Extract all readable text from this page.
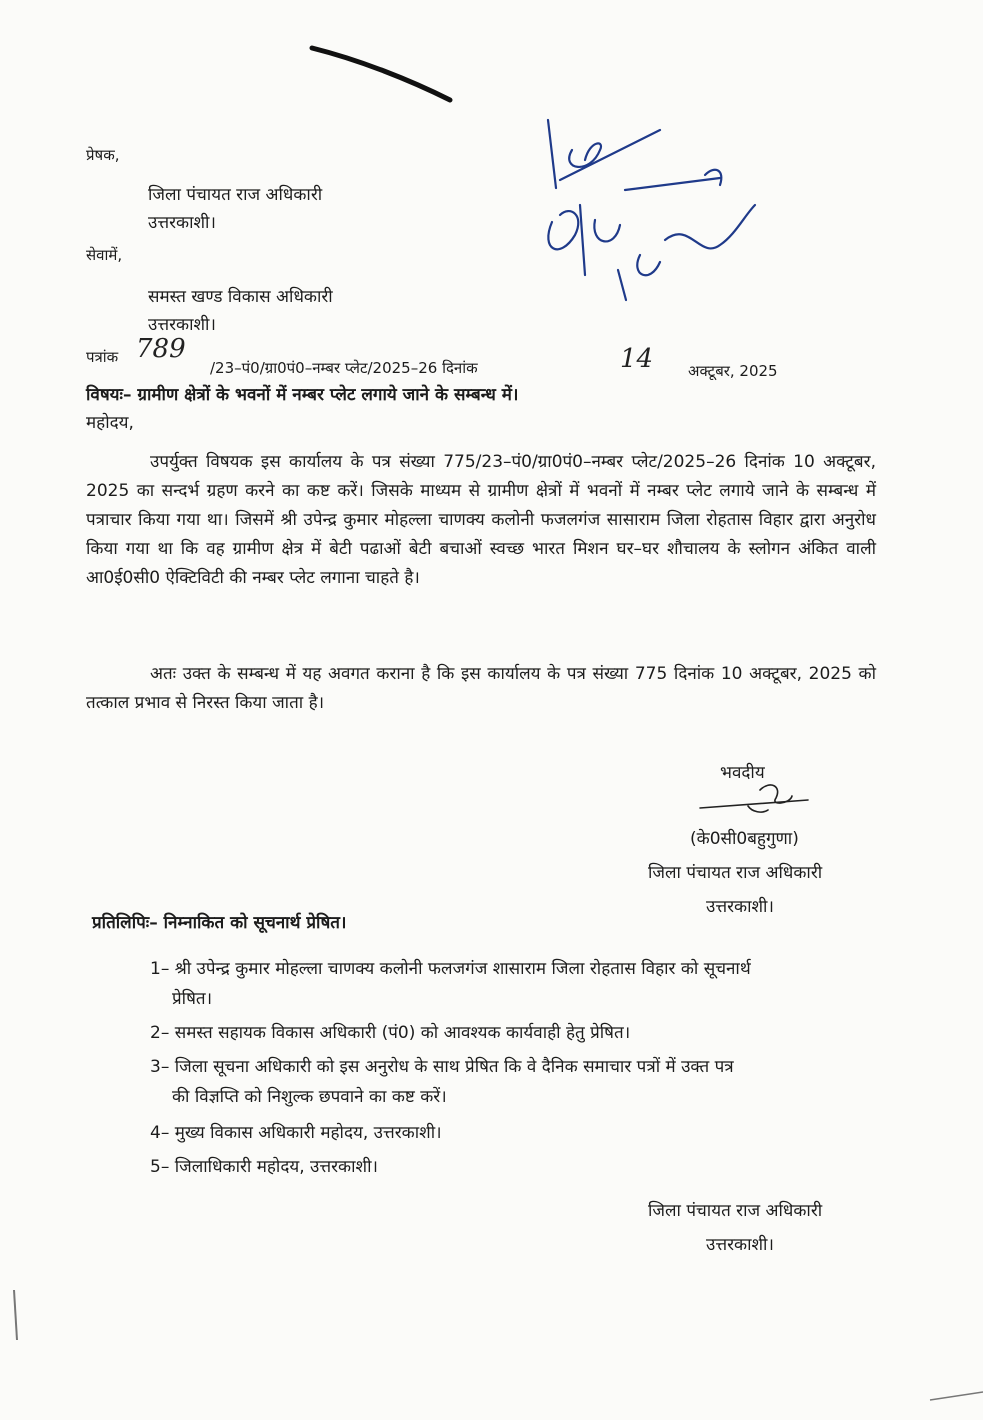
प्रेषक,
जिला पंचायत राज अधिकारी
उत्तरकाशी।
सेवामें,
समस्त खण्ड विकास अधिकारी
उत्तरकाशी।
पत्रांक 789
/23–पं0/ग्रा0पं0–नम्बर प्लेट/2025–26 दिनांक	14 अक्टूबर, 2025
विषयः– ग्रामीण क्षेत्रों के भवनों में नम्बर प्लेट लगाये जाने के सम्बन्ध में।
महोदय,

उपर्युक्त विषयक इस कार्यालय के पत्र संख्या 775/23–पं0/ग्रा0पं0–नम्बर प्लेट/2025–26 दिनांक 10 अक्टूबर, 2025 का सन्दर्भ ग्रहण करने का कष्ट करें। जिसके माध्यम से ग्रामीण क्षेत्रों में भवनों में नम्बर प्लेट लगाये जाने के सम्बन्ध में पत्राचार किया गया था। जिसमें श्री उपेन्द्र कुमार मोहल्ला चाणक्य कलोनी फजलगंज सासाराम जिला रोहतास विहार द्वारा अनुरोध किया गया था कि वह ग्रामीण क्षेत्र में बेटी पढाओं बेटी बचाओं स्वच्छ भारत मिशन घर–घर शौचालय के स्लोगन अंकित वाली आ0ई0सी0 ऐक्टिविटी की नम्बर प्लेट लगाना चाहते है।

अतः उक्त के सम्बन्ध में यह अवगत कराना है कि इस कार्यालय के पत्र संख्या 775 दिनांक 10 अक्टूबर, 2025 को तत्काल प्रभाव से निरस्त किया जाता है।

भवदीय
(के0सी0बहुगुणा)
जिला पंचायत राज अधिकारी
उत्तरकाशी।
प्रतिलिपिः– निम्नाकित को सूचनार्थ प्रेषित।
1– श्री उपेन्द्र कुमार मोहल्ला चाणक्य कलोनी फलजगंज शासाराम जिला रोहतास विहार को सूचनार्थ
प्रेषित।
2– समस्त सहायक विकास अधिकारी (पं0) को आवश्यक कार्यवाही हेतु प्रेषित।
3– जिला सूचना अधिकारी को इस अनुरोध के साथ प्रेषित कि वे दैनिक समाचार पत्रों में उक्त पत्र
की विज्ञप्ति को निशुल्क छपवाने का कष्ट करें।
4– मुख्य विकास अधिकारी महोदय, उत्तरकाशी।
5– जिलाधिकारी महोदय, उत्तरकाशी।
जिला पंचायत राज अधिकारी
उत्तरकाशी।
